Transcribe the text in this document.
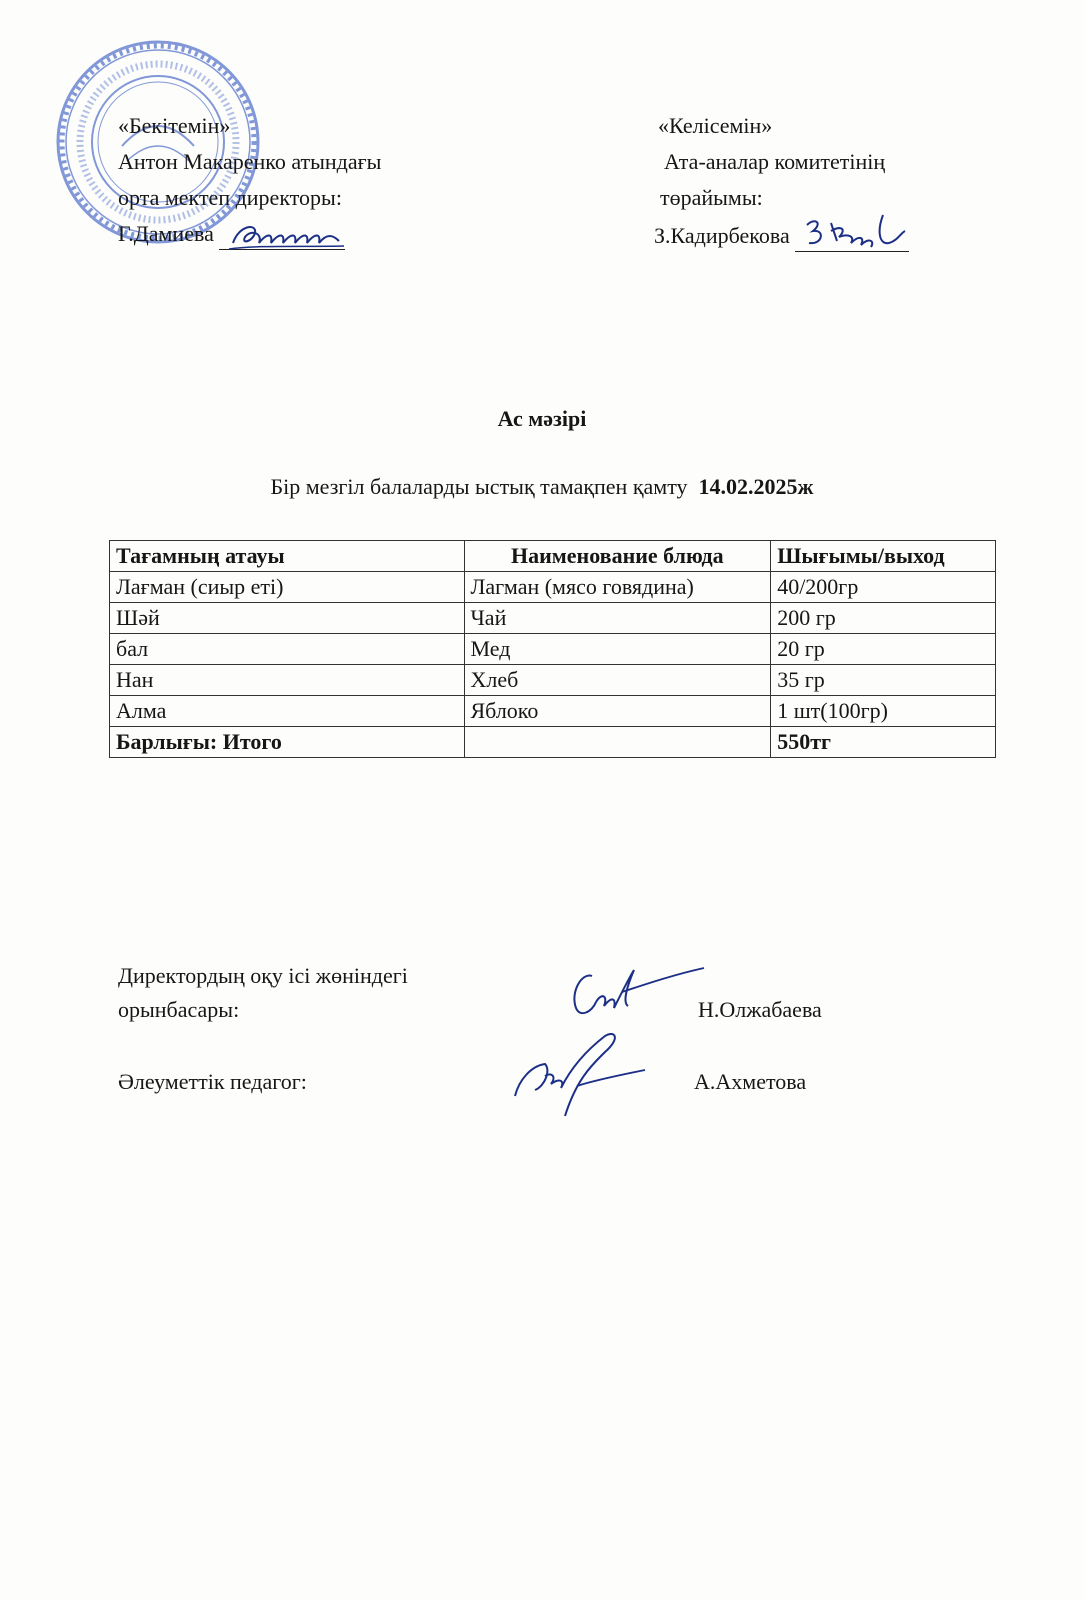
«Бекітемін»
Антон Макаренко атындағы
орта мектеп директоры:
Г.Дамиева
«Келісемін»
Ата-аналар комитетінің
төрайымы:
З.Кадирбекова
Ас мәзірі
Бір мезгіл балаларды ыстық тамақпен қамту 14.02.2025ж
Тағамның атауы	Наименование блюда	Шығымы/выход
Лағман (сиыр еті)	Лагман (мясо говядина)	40/200гр
Шәй	Чай	200 гр
бал	Мед	20 гр
Нан	Хлеб	35 гр
Алма	Яблоко	1 шт(100гр)
Барлығы: Итого		550тг
Директордың оқу ісі жөніндегі
орынбасары:	Н.Олжабаева
Әлеуметтік педагог:	А.Ахметова
